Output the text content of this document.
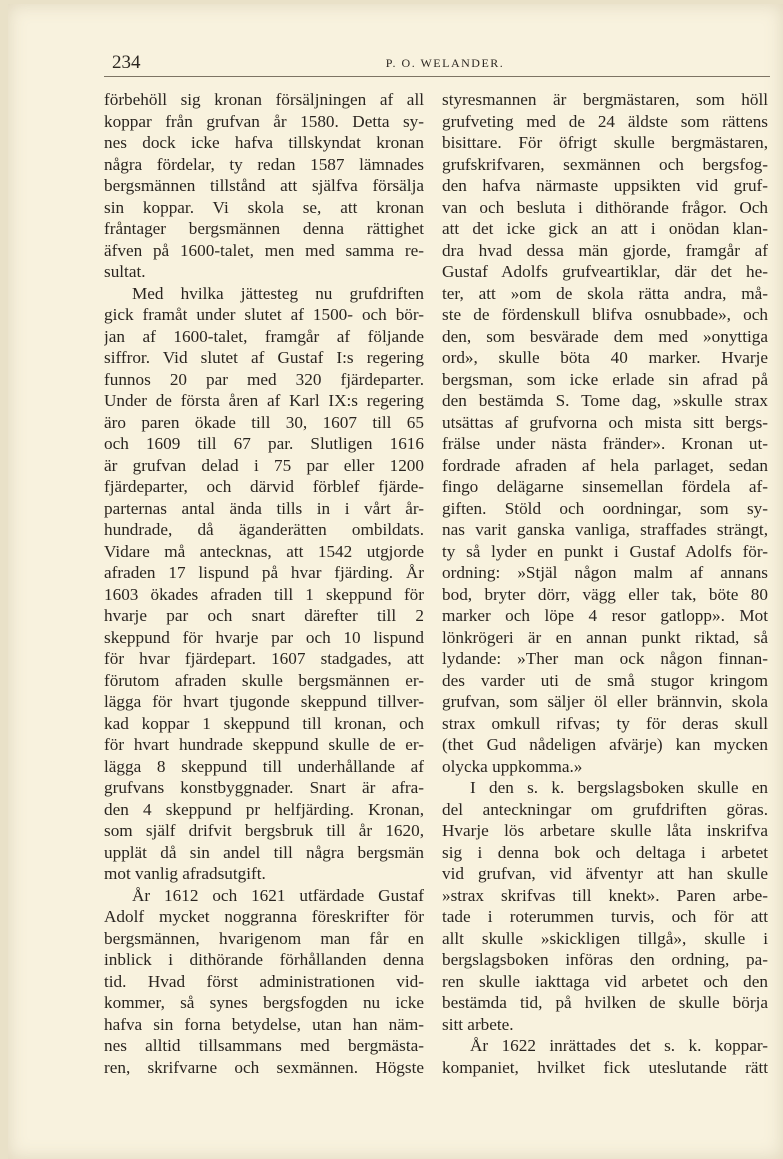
234	P. O. WELANDER.
förbehöll sig kronan försäljningen af all
koppar från grufvan år 1580. Detta sy-
nes dock icke hafva tillskyndat kronan
några fördelar, ty redan 1587 lämnades
bergsmännen tillstånd att själfva försälja
sin koppar. Vi skola se, att kronan
fråntager bergsmännen denna rättighet
äfven på 1600-talet, men med samma re-
sultat.
Med hvilka jättesteg nu grufdriften
gick framåt under slutet af 1500- och bör-
jan af 1600-talet, framgår af följande
siffror. Vid slutet af Gustaf I:s regering
funnos 20 par med 320 fjärdeparter.
Under de första åren af Karl IX:s regering
äro paren ökade till 30, 1607 till 65
och 1609 till 67 par. Slutligen 1616
är grufvan delad i 75 par eller 1200
fjärdeparter, och därvid förblef fjärde-
parternas antal ända tills in i vårt år-
hundrade, då äganderätten ombildats.
Vidare må antecknas, att 1542 utgjorde
afraden 17 lispund på hvar fjärding. År
1603 ökades afraden till 1 skeppund för
hvarje par och snart därefter till 2
skeppund för hvarje par och 10 lispund
för hvar fjärdepart. 1607 stadgades, att
förutom afraden skulle bergsmännen er-
lägga för hvart tjugonde skeppund tillver-
kad koppar 1 skeppund till kronan, och
för hvart hundrade skeppund skulle de er-
lägga 8 skeppund till underhållande af
grufvans konstbyggnader. Snart är afra-
den 4 skeppund pr helfjärding. Kronan,
som själf drifvit bergsbruk till år 1620,
upplät då sin andel till några bergsmän
mot vanlig afradsutgift.
År 1612 och 1621 utfärdade Gustaf
Adolf mycket noggranna föreskrifter för
bergsmännen, hvarigenom man får en
inblick i dithörande förhållanden denna
tid. Hvad först administrationen vid-
kommer, så synes bergsfogden nu icke
hafva sin forna betydelse, utan han näm-
nes alltid tillsammans med bergmästa-
ren, skrifvarne och sexmännen. Högste
styresmannen är bergmästaren, som höll
grufveting med de 24 äldste som rättens
bisittare. För öfrigt skulle bergmästaren,
grufskrifvaren, sexmännen och bergsfog-
den hafva närmaste uppsikten vid gruf-
van och besluta i dithörande frågor. Och
att det icke gick an att i onödan klan-
dra hvad dessa män gjorde, framgår af
Gustaf Adolfs grufveartiklar, där det he-
ter, att »om de skola rätta andra, må-
ste de fördenskull blifva osnubbade», och
den, som besvärade dem med »onyttiga
ord», skulle böta 40 marker. Hvarje
bergsman, som icke erlade sin afrad på
den bestämda S. Tome dag, »skulle strax
utsättas af grufvorna och mista sitt bergs-
frälse under nästa fränder». Kronan ut-
fordrade afraden af hela parlaget, sedan
fingo delägarne sinsemellan fördela af-
giften. Stöld och oordningar, som sy-
nas varit ganska vanliga, straffades strängt,
ty så lyder en punkt i Gustaf Adolfs för-
ordning: »Stjäl någon malm af annans
bod, bryter dörr, vägg eller tak, böte 80
marker och löpe 4 resor gatlopp». Mot
lönkrögeri är en annan punkt riktad, så
lydande: »Ther man ock någon finnan-
des varder uti de små stugor kringom
grufvan, som säljer öl eller brännvin, skola
strax omkull rifvas; ty för deras skull
(thet Gud nådeligen afvärje) kan mycken
olycka uppkomma.»
I den s. k. bergslagsboken skulle en
del anteckningar om grufdriften göras.
Hvarje lös arbetare skulle låta inskrifva
sig i denna bok och deltaga i arbetet
vid grufvan, vid äfventyr att han skulle
»strax skrifvas till knekt». Paren arbe-
tade i roterummen turvis, och för att
allt skulle »skickligen tillgå», skulle i
bergslagsboken införas den ordning, pa-
ren skulle iakttaga vid arbetet och den
bestämda tid, på hvilken de skulle börja
sitt arbete.
År 1622 inrättades det s. k. koppar-
kompaniet, hvilket fick uteslutande rätt
